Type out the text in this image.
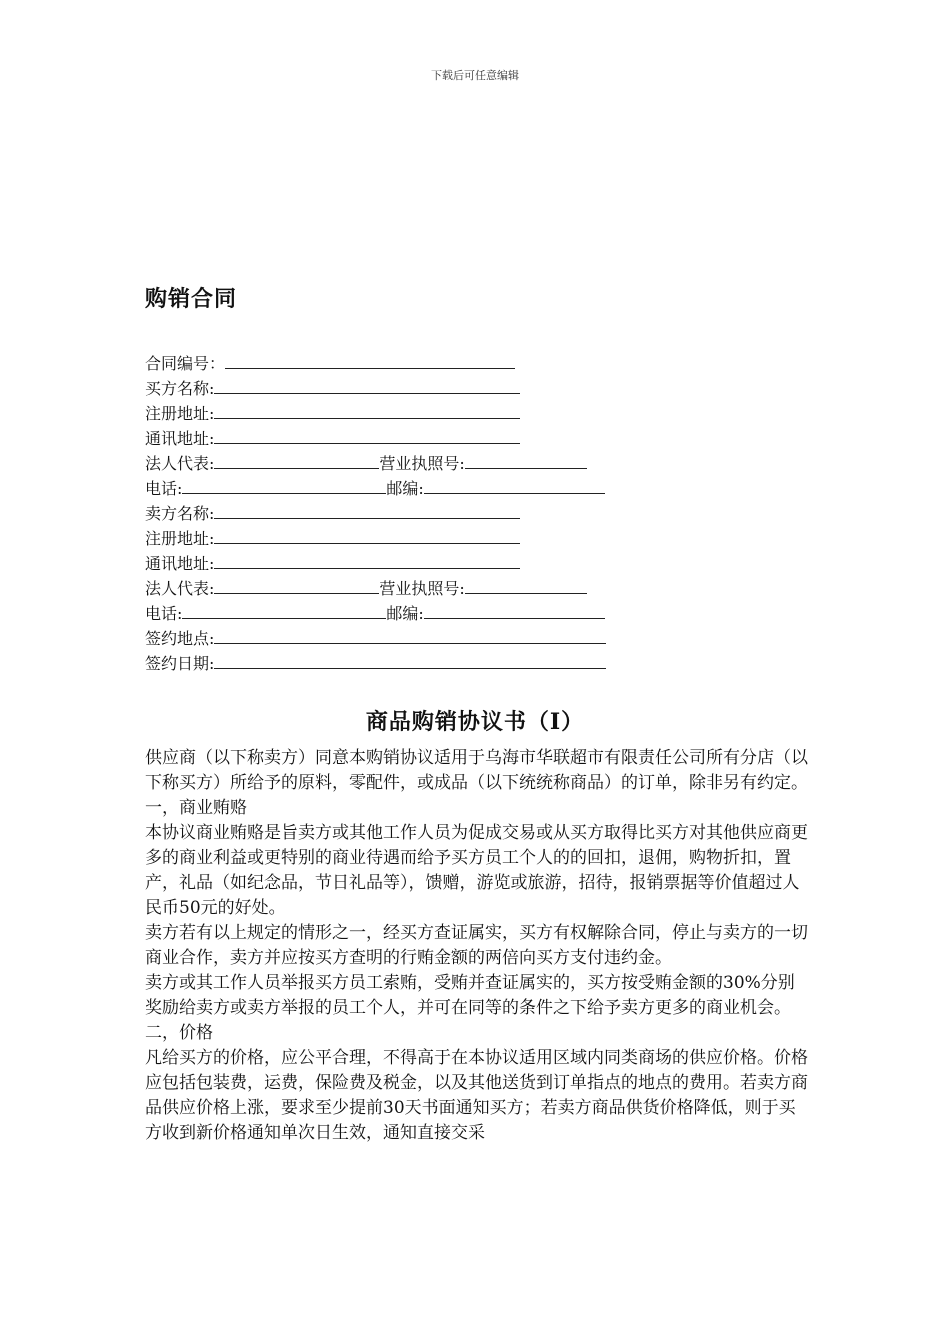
下载后可任意编辑
购销合同
合同编号：
买方名称:
注册地址:
通讯地址:
法人代表:	营业执照号:
电话:	邮编:
卖方名称:
注册地址:
通讯地址:
法人代表:	营业执照号:
电话:	邮编:
签约地点:
签约日期:
商品购销协议书（I）

供应商（以下称卖方）同意本购销协议适用于乌海市华联超市有限责任公司所有分店（以下称买方）所给予的原料，零配件，或成品（以下统统称商品）的订单，除非另有约定。

一，商业贿赂

本协议商业贿赂是旨卖方或其他工作人员为促成交易或从买方取得比买方对其他供应商更多的商业利益或更特别的商业待遇而给予买方员工个人的的回扣，退佣，购物折扣，置产，礼品（如纪念品，节日礼品等），馈赠，游览或旅游，招待，报销票据等价值超过人民币50元的好处。

卖方若有以上规定的情形之一，经买方查证属实，买方有权解除合同，停止与卖方的一切商业合作，卖方并应按买方查明的行贿金额的两倍向买方支付违约金。

卖方或其工作人员举报买方员工索贿，受贿并查证属实的，买方按受贿金额的30%分别奖励给卖方或卖方举报的员工个人，并可在同等的条件之下给予卖方更多的商业机会。

二，价格

凡给买方的价格，应公平合理，不得高于在本协议适用区域内同类商场的供应价格。价格应包括包装费，运费，保险费及税金，以及其他送货到订单指点的地点的费用。若卖方商品供应价格上涨，要求至少提前30天书面通知买方；若卖方商品供货价格降低，则于买方收到新价格通知单次日生效，通知直接交采
